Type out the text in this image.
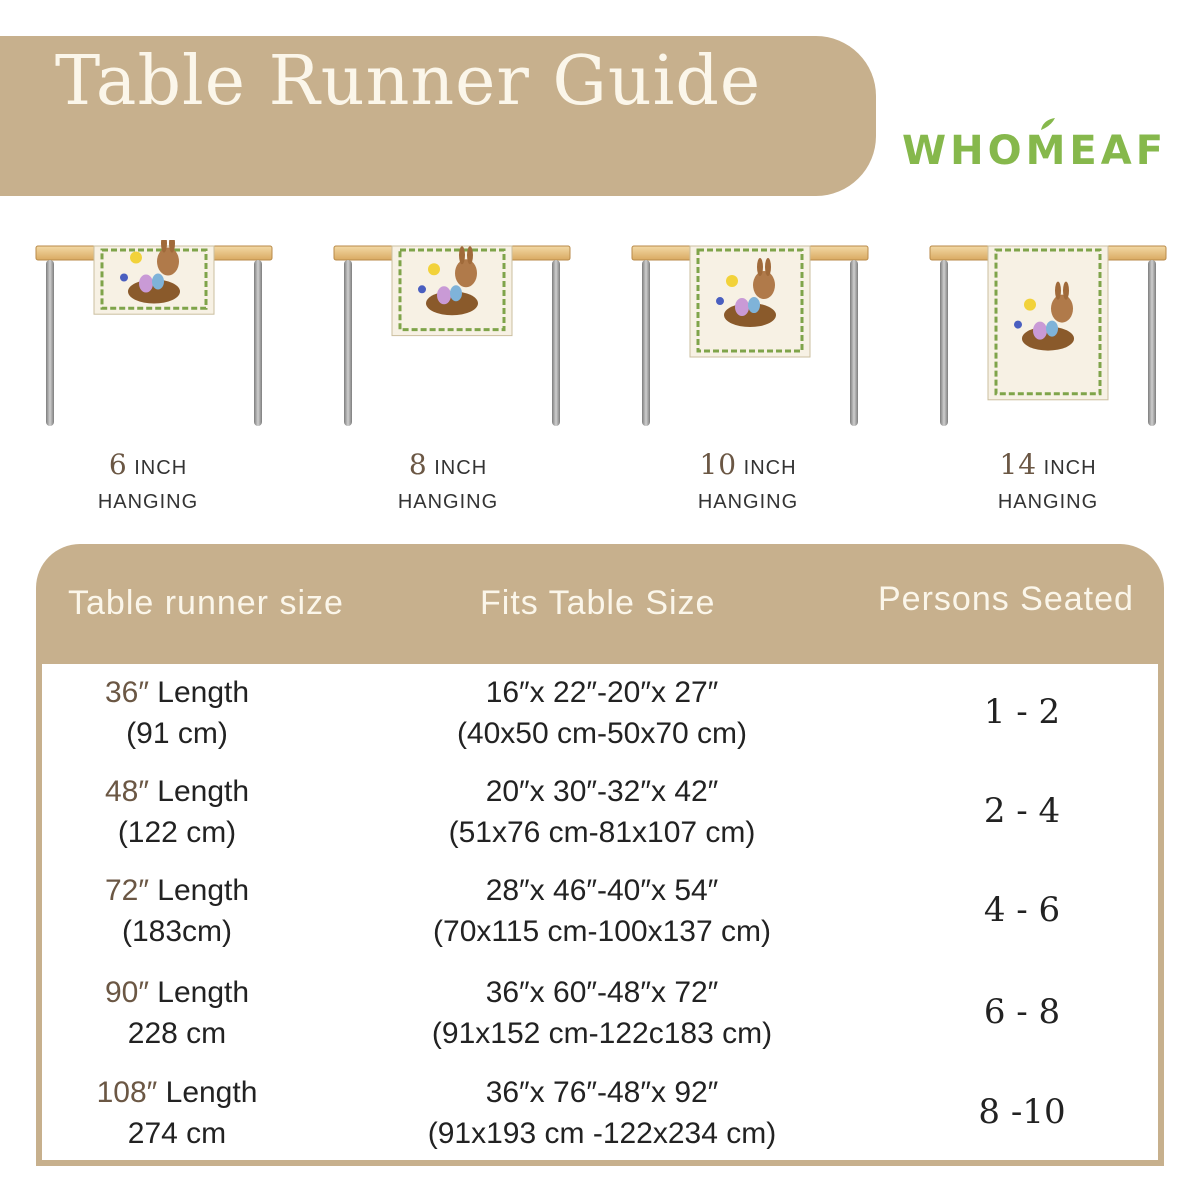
Table Runner Guide
WHOMEAF
6 INCH
HANGING
8 INCH
HANGING
10 INCH
HANGING
14 INCH
HANGING
Table runner size	Fits Table Size	Persons Seated
36″ Length
(91 cm)
16″x 22″-20″x 27″
(40x50 cm-50x70 cm)
1 - 2
48″ Length
(122 cm)
20″x 30″-32″x 42″
(51x76 cm-81x107 cm)
2 - 4
72″ Length
(183cm)
28″x 46″-40″x 54″
(70x115 cm-100x137 cm)
4 - 6
90″ Length
228 cm
36″x 60″-48″x 72″
(91x152 cm-122c183 cm)
6 - 8
108″ Length
274 cm
36″x 76″-48″x 92″
(91x193 cm -122x234 cm)
8 -10
